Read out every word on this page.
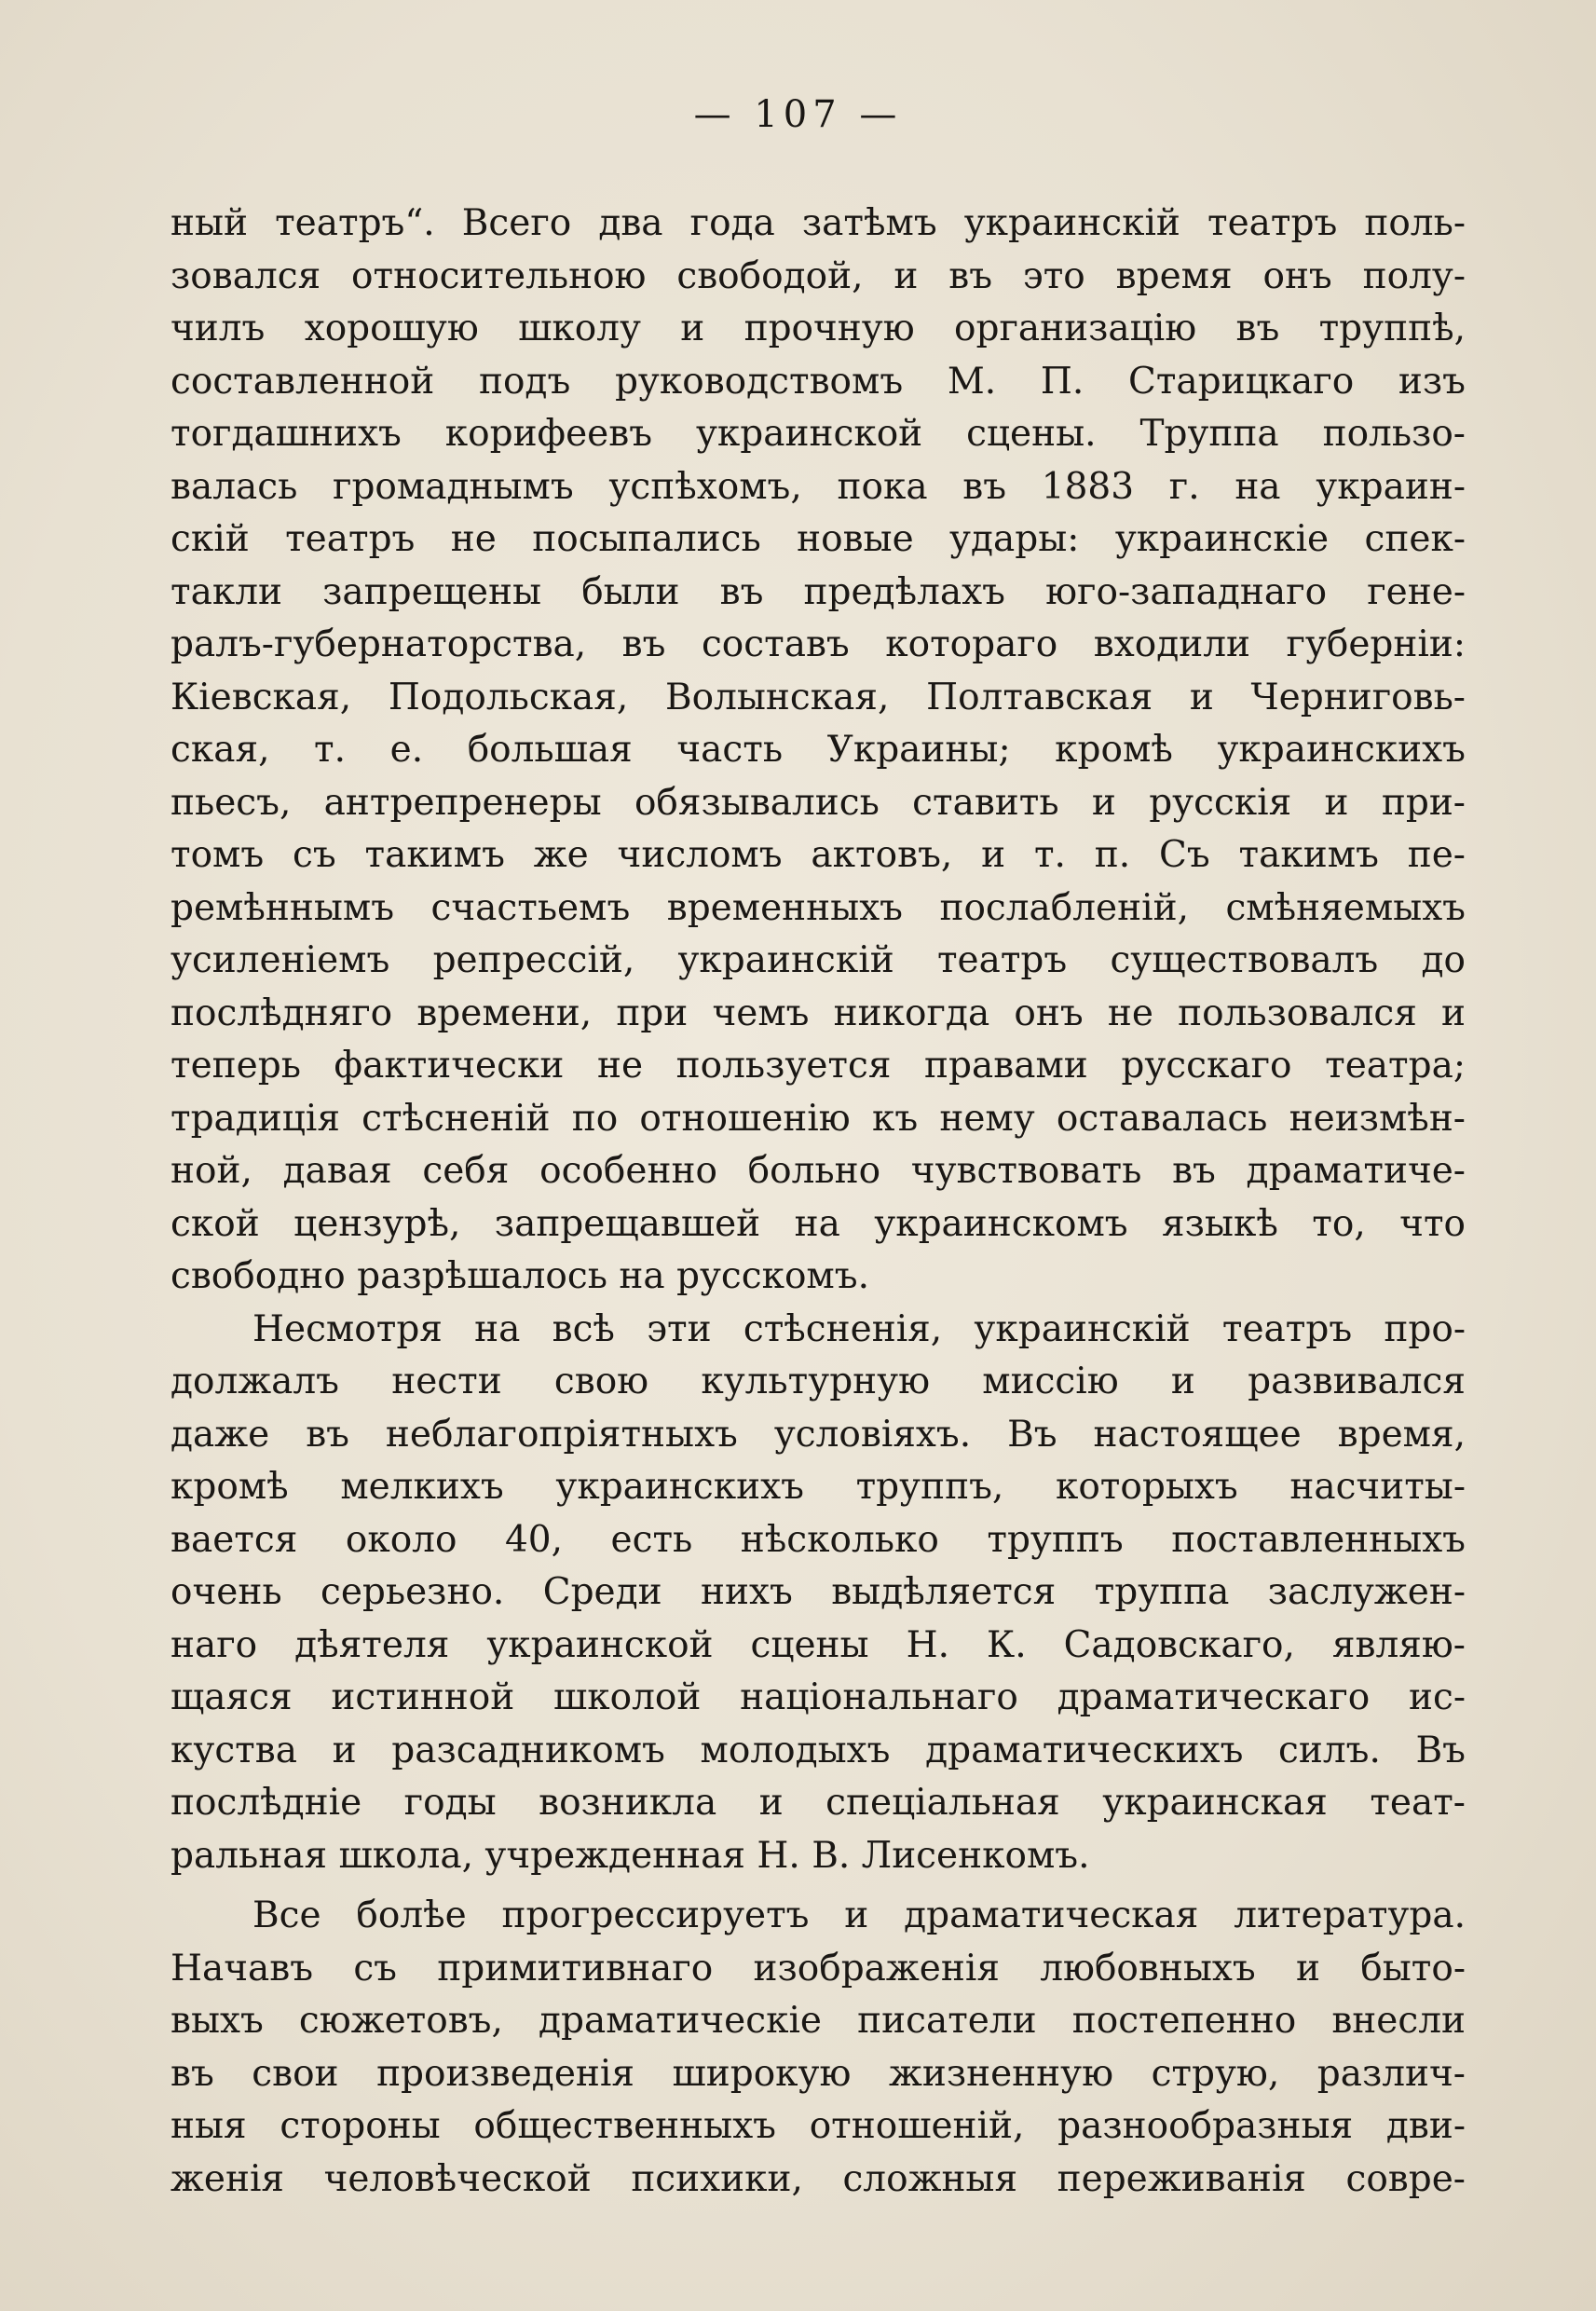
— 107 —
ный театръ“. Всего два года затѣмъ украинскій театръ поль-
зовался относительною свободой, и въ это время онъ полу-
чилъ хорошую школу и прочную организацію въ труппѣ,
составленной подъ руководствомъ М. П. Старицкаго изъ
тогдашнихъ корифеевъ украинской сцены. Труппа пользо-
валась громаднымъ успѣхомъ, пока въ 1883 г. на украин-
скій театръ не посыпались новые удары: украинскіе спек-
такли запрещены были въ предѣлахъ юго-западнаго гене-
ралъ-губернаторства, въ составъ котораго входили губерніи:
Кіевская, Подольская, Волынская, Полтавская и Черниговь-
ская, т. е. большая часть Украины; кромѣ украинскихъ
пьесъ, антрепренеры обязывались ставить и русскія и при-
томъ съ такимъ же числомъ актовъ, и т. п. Съ такимъ пе-
ремѣннымъ счастьемъ временныхъ послабленій, смѣняемыхъ
усиленіемъ репрессій, украинскій театръ существовалъ до
послѣдняго времени, при чемъ никогда онъ не пользовался и
теперь фактически не пользуется правами русскаго театра;
традиція стѣсненій по отношенію къ нему оставалась неизмѣн-
ной, давая себя особенно больно чувствовать въ драматиче-
ской цензурѣ, запрещавшей на украинскомъ языкѣ то, что
свободно разрѣшалось на русскомъ.
Несмотря на всѣ эти стѣсненія, украинскій театръ про-
должалъ нести свою культурную миссію и развивался
даже въ неблагопріятныхъ условіяхъ. Въ настоящее время,
кромѣ мелкихъ украинскихъ труппъ, которыхъ насчиты-
вается около 40, есть нѣсколько труппъ поставленныхъ
очень серьезно. Среди нихъ выдѣляется труппа заслужен-
наго дѣятеля украинской сцены Н. К. Садовскаго, являю-
щаяся истинной школой національнаго драматическаго ис-
куства и разсадникомъ молодыхъ драматическихъ силъ. Въ
послѣдніе годы возникла и спеціальная украинская теат-
ральная школа, учрежденная Н. В. Лисенкомъ.
Все болѣе прогрессируетъ и драматическая литература.
Начавъ съ примитивнаго изображенія любовныхъ и быто-
выхъ сюжетовъ, драматическіе писатели постепенно внесли
въ свои произведенія широкую жизненную струю, различ-
ныя стороны общественныхъ отношеній, разнообразныя дви-
женія человѣческой психики, сложныя переживанія совре-
